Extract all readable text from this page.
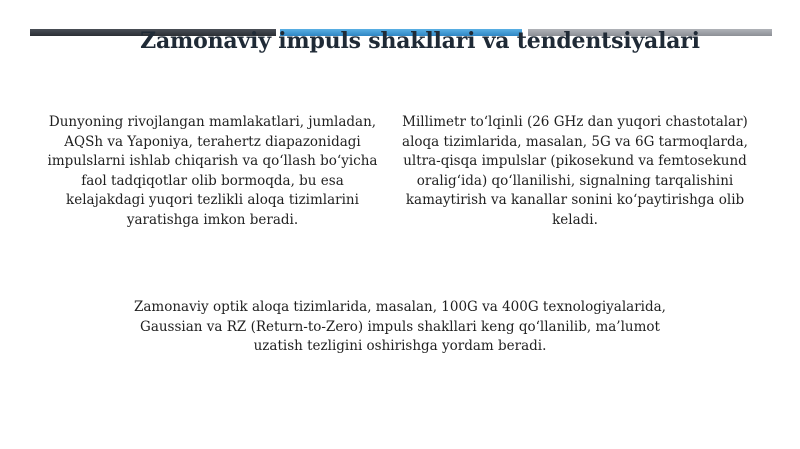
Zamonaviy impuls shakllari va tendentsiyalari
Dunyoning rivojlangan mamlakatlari, jumladan, AQSh va Yaponiya, terahertz diapazonidagi impulslarni ishlab chiqarish va qo‘llash bo‘yicha faol tadqiqotlar olib bormoqda, bu esa kelajakdagi yuqori tezlikli aloqa tizimlarini yaratishga imkon beradi.
Millimetr to‘lqinli (26 GHz dan yuqori chastotalar) aloqa tizimlarida, masalan, 5G va 6G tarmoqlarda, ultra-qisqa impulslar (pikosekund va femtosekund oralig‘ida) qo‘llanilishi, signalning tarqalishini kamaytirish va kanallar sonini ko‘paytirishga olib keladi.
Zamonaviy optik aloqa tizimlarida, masalan, 100G va 400G texnologiyalarida, Gaussian va RZ (Return-to-Zero) impuls shakllari keng qo‘llanilib, ma’lumot uzatish tezligini oshirishga yordam beradi.
